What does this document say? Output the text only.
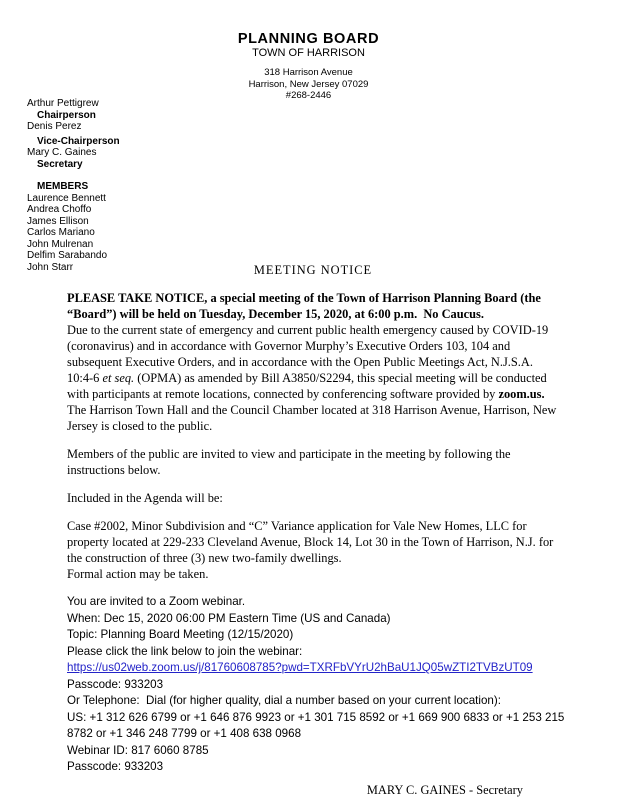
PLANNING BOARD
TOWN OF HARRISON
318 Harrison Avenue
Harrison, New Jersey 07029
#268-2446
Arthur Pettigrew
Chairperson
Denis Perez
Vice-Chairperson
Mary C. Gaines
Secretary
MEMBERS
Laurence Bennett
Andrea Choffo
James Ellison
Carlos Mariano
John Mulrenan
Delfim Sarabando
John Starr	MEETING NOTICE

PLEASE TAKE NOTICE, a special meeting of the Town of Harrison Planning Board (the “Board”) will be held on Tuesday, December 15, 2020, at 6:00 p.m.  No Caucus.
Due to the current state of emergency and current public health emergency caused by COVID-19 (coronavirus) and in accordance with Governor Murphy’s Executive Orders 103, 104 and subsequent Executive Orders, and in accordance with the Open Public Meetings Act, N.J.S.A. 10:4-6 et seq. (OPMA) as amended by Bill A3850/S2294, this special meeting will be conducted with participants at remote locations, connected by conferencing software provided by zoom.us. The Harrison Town Hall and the Council Chamber located at 318 Harrison Avenue, Harrison, New Jersey is closed to the public.

Members of the public are invited to view and participate in the meeting by following the instructions below.

Included in the Agenda will be:

Case #2002, Minor Subdivision and “C” Variance application for Vale New Homes, LLC for property located at 229-233 Cleveland Avenue, Block 14, Lot 30 in the Town of Harrison, N.J. for the construction of three (3) new two-family dwellings.
Formal action may be taken.

You are invited to a Zoom webinar.
When: Dec 15, 2020 06:00 PM Eastern Time (US and Canada)
Topic: Planning Board Meeting (12/15/2020)
Please click the link below to join the webinar:
https://us02web.zoom.us/j/81760608785?pwd=TXRFbVYrU2hBaU1JQ05wZTI2TVBzUT09
Passcode: 933203
Or Telephone:  Dial (for higher quality, dial a number based on your current location):
US: +1 312 626 6799 or +1 646 876 9923 or +1 301 715 8592 or +1 669 900 6833 or +1 253 215 8782 or +1 346 248 7799 or +1 408 638 0968
Webinar ID: 817 6060 8785
Passcode: 933203
MARY C. GAINES - Secretary
